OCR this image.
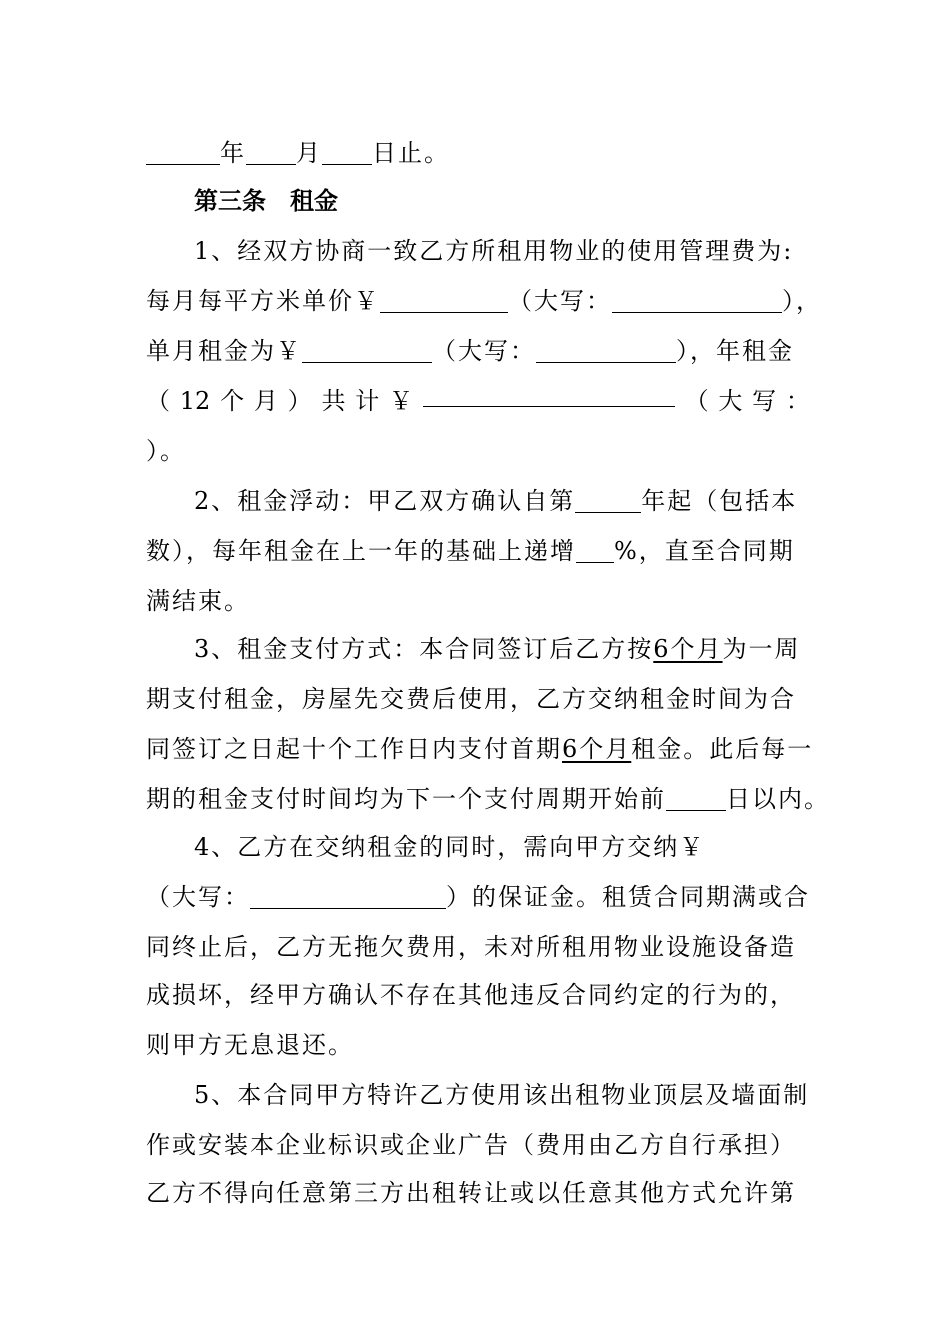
年 月 日止。
第三条 租金
1、经双方协商一致乙方所租用物业的使用管理费为:
每月每平方米单价￥	（大写：	），
单月租金为￥	（大写：	），年租金
（ 12 个 月 ） 共 计 ￥	（ 大 写 ：
）。
2、租金浮动：甲乙双方确认自第	年起（包括本
数），每年租金在上一年的基础上递增 %，直至合同期
满结束。
3、租金支付方式：本合同签订后乙方按6个月为一周
期支付租金，房屋先交费后使用，乙方交纳租金时间为合
同签订之日起十个工作日内支付首期6个月租金。此后每一
期的租金支付时间均为下一个支付周期开始前	日以内。
4、乙方在交纳租金的同时，需向甲方交纳￥
（大写：	）的保证金。租赁合同期满或合
同终止后，乙方无拖欠费用，未对所租用物业设施设备造
成损坏，经甲方确认不存在其他违反合同约定的行为的，
则甲方无息退还。
5、本合同甲方特许乙方使用该出租物业顶层及墙面制
作或安装本企业标识或企业广告（费用由乙方自行承担）
乙方不得向任意第三方出租转让或以任意其他方式允许第
